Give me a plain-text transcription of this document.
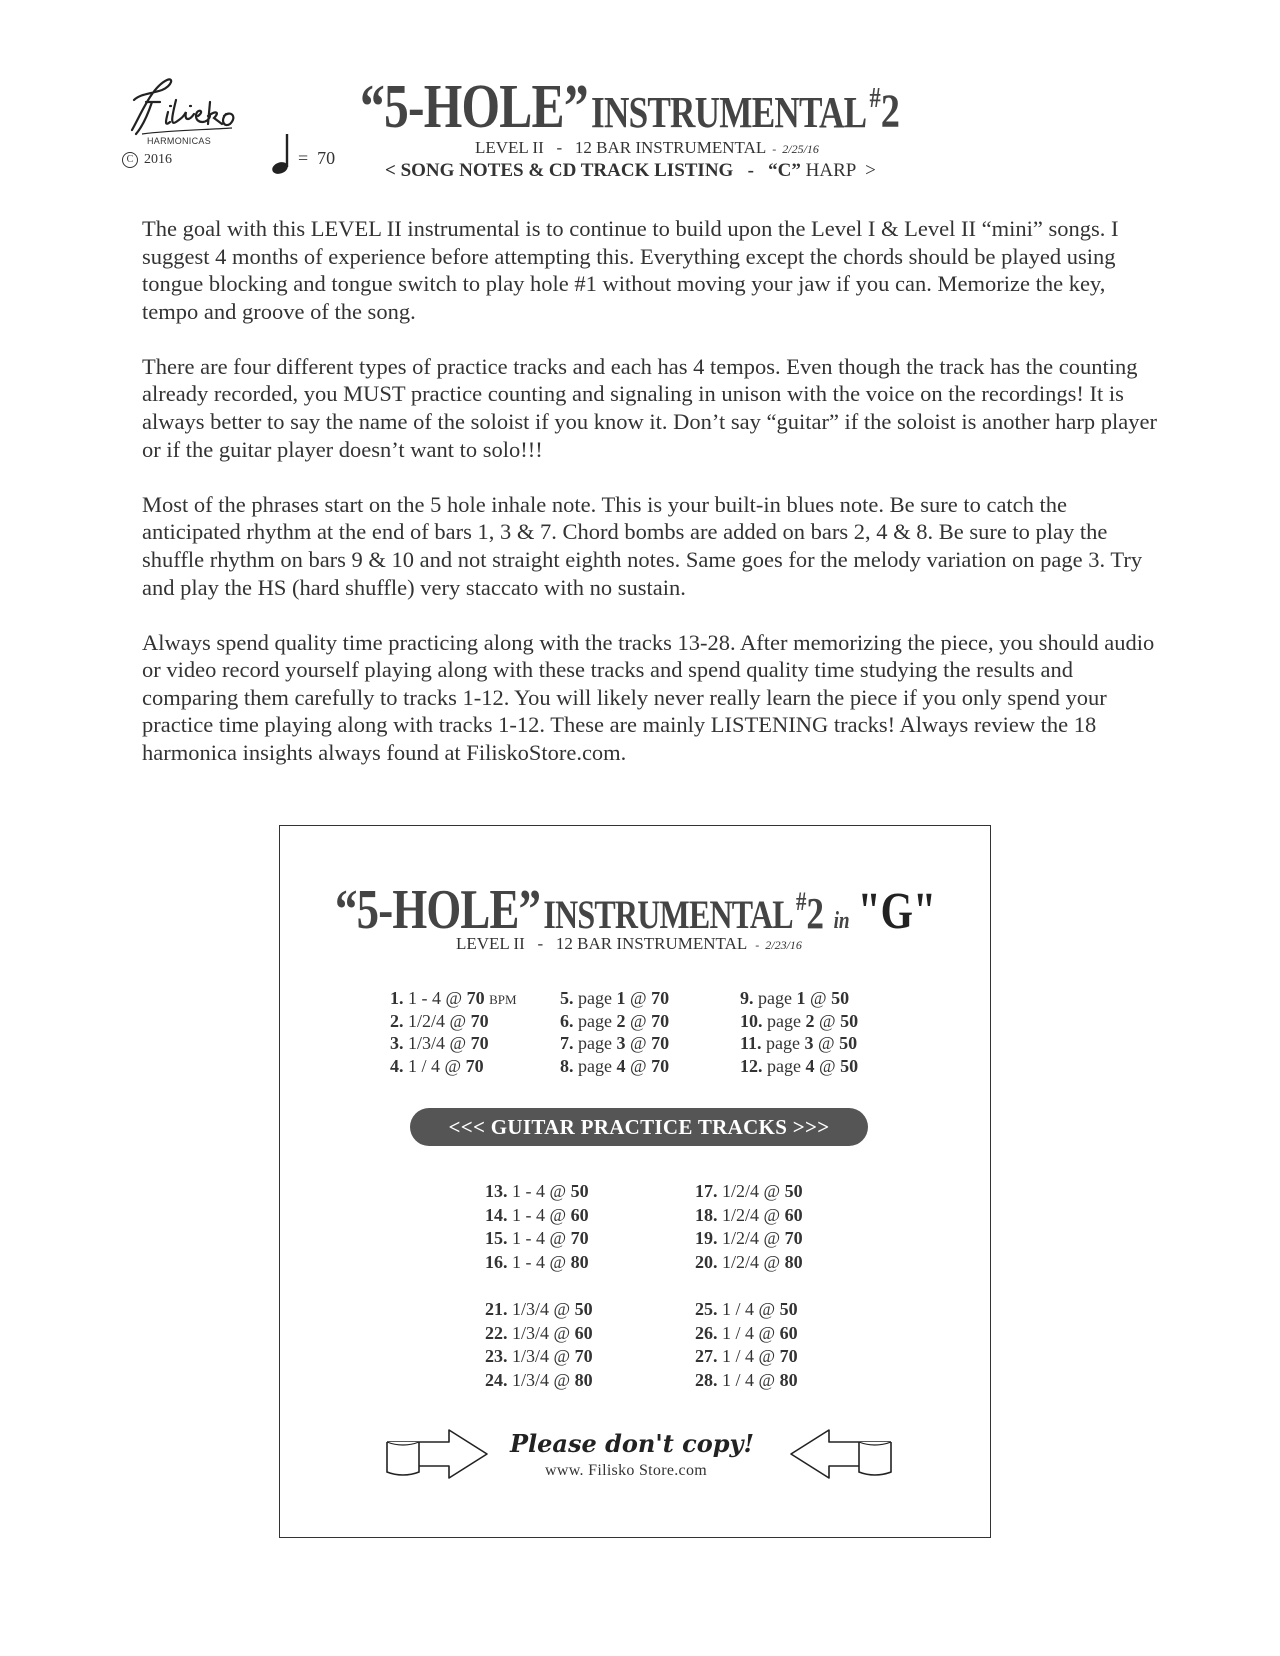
HARMONICAS
C 2016	= 70
“5-HOLE” INSTRUMENTAL #2
LEVEL II   -   12 BAR INSTRUMENTAL -  2/25/16
< SONG NOTES & CD TRACK LISTING   -   “C” HARP  >

The goal with this LEVEL II instrumental is to continue to build upon the Level I & Level II “mini” songs. I suggest 4 months of experience before attempting this. Everything except the chords should be played using tongue blocking and tongue switch to play hole #1 without moving your jaw if you can. Memorize the key, tempo and groove of the song.

There are four different types of practice tracks and each has 4 tempos. Even though the track has the counting already recorded, you MUST practice counting and signaling in unison with the voice on the recordings! It is always better to say the name of the soloist if you know it. Don’t say “guitar” if the soloist is another harp player or if the guitar player doesn’t want to solo!!!

Most of the phrases start on the 5 hole inhale note. This is your built-in blues note. Be sure to catch the anticipated rhythm at the end of bars 1, 3 & 7. Chord bombs are added on bars 2, 4 & 8. Be sure to play the shuffle rhythm on bars 9 & 10 and not straight eighth notes. Same goes for the melody variation on page 3. Try and play the HS (hard shuffle) very staccato with no sustain.

Always spend quality time practicing along with the tracks 13-28. After memorizing the piece, you should audio or video record yourself playing along with these tracks and spend quality time studying the results and comparing them carefully to tracks 1-12. You will likely never really learn the piece if you only spend your practice time playing along with tracks 1-12. These are mainly LISTENING tracks! Always review the 18 harmonica insights always found at FiliskoStore.com.

“5-HOLE” INSTRUMENTAL #2 in "G"
LEVEL II   -   12 BAR INSTRUMENTAL -  2/23/16
1. 1 - 4 @ 70 BPM
2. 1/2/4 @ 70
3. 1/3/4 @ 70
4. 1 / 4 @ 70
5. page 1 @ 70
6. page 2 @ 70
7. page 3 @ 70
8. page 4 @ 70
9. page 1 @ 50
10. page 2 @ 50
11. page 3 @ 50
12. page 4 @ 50
<<< GUITAR PRACTICE TRACKS >>>
13. 1 - 4 @ 50
14. 1 - 4 @ 60
15. 1 - 4 @ 70
16. 1 - 4 @ 80
17. 1/2/4 @ 50
18. 1/2/4 @ 60
19. 1/2/4 @ 70
20. 1/2/4 @ 80
21. 1/3/4 @ 50
22. 1/3/4 @ 60
23. 1/3/4 @ 70
24. 1/3/4 @ 80
25. 1 / 4 @ 50
26. 1 / 4 @ 60
27. 1 / 4 @ 70
28. 1 / 4 @ 80
Please don't copy!
www. Filisko Store.com
